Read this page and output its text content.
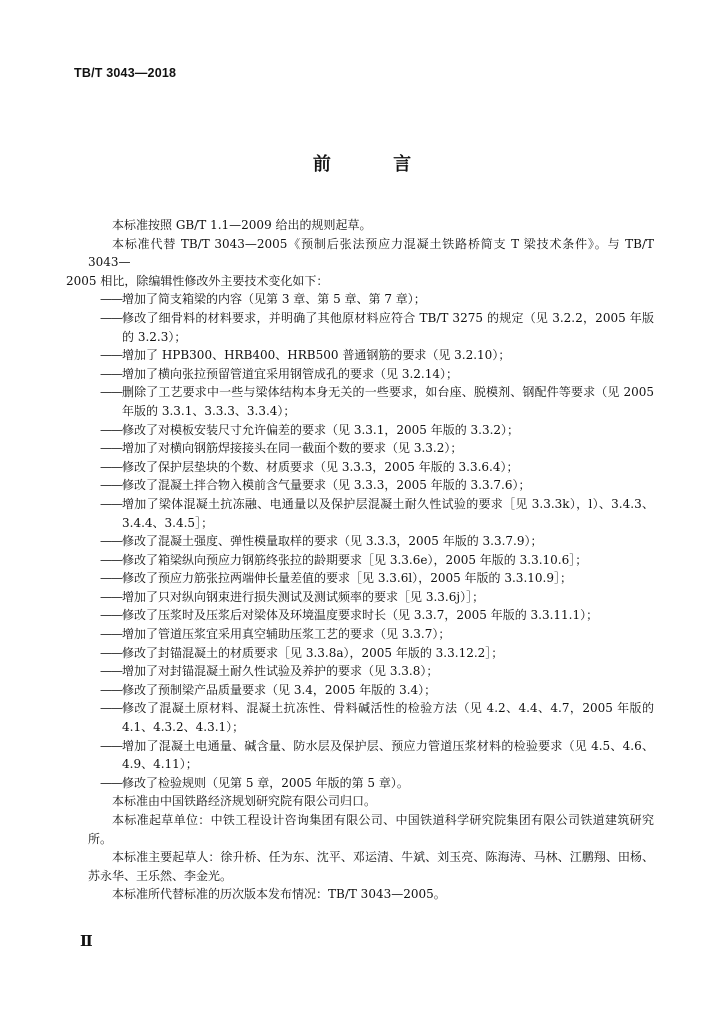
TB/T 3043—2018
前 言

本标准按照 GB/T 1.1—2009 给出的规则起草。

本标准代替 TB/T 3043—2005《预制后张法预应力混凝土铁路桥简支 T 梁技术条件》。与 TB/T 3043—

2005 相比，除编辑性修改外主要技术变化如下：

—— 增加了简支箱梁的内容（见第 3 章、第 5 章、第 7 章）；

—— 修改了细骨料的材料要求，并明确了其他原材料应符合 TB/T 3275 的规定（见 3.2.2，2005 年版的 3.2.3）；

—— 增加了 HPB300、HRB400、HRB500 普通钢筋的要求（见 3.2.10）；

—— 增加了横向张拉预留管道宜采用钢管成孔的要求（见 3.2.14）；

—— 删除了工艺要求中一些与梁体结构本身无关的一些要求，如台座、脱模剂、钢配件等要求（见 2005 年版的 3.3.1、3.3.3、3.3.4）；

—— 修改了对模板安装尺寸允许偏差的要求（见 3.3.1，2005 年版的 3.3.2）；

—— 增加了对横向钢筋焊接接头在同一截面个数的要求（见 3.3.2）；

—— 修改了保护层垫块的个数、材质要求（见 3.3.3，2005 年版的 3.3.6.4）；

—— 修改了混凝土拌合物入模前含气量要求（见 3.3.3，2005 年版的 3.3.7.6）；

—— 增加了梁体混凝土抗冻融、电通量以及保护层混凝土耐久性试验的要求［见 3.3.3k），l）、3.4.3、3.4.4、3.4.5］；

—— 修改了混凝土强度、弹性模量取样的要求（见 3.3.3，2005 年版的 3.3.7.9）；

—— 修改了箱梁纵向预应力钢筋终张拉的龄期要求［见 3.3.6e），2005 年版的 3.3.10.6］；

—— 修改了预应力筋张拉两端伸长量差值的要求［见 3.3.6l），2005 年版的 3.3.10.9］；

—— 增加了只对纵向钢束进行损失测试及测试频率的要求［见 3.3.6j）］；

—— 修改了压浆时及压浆后对梁体及环境温度要求时长（见 3.3.7，2005 年版的 3.3.11.1）；

—— 增加了管道压浆宜采用真空辅助压浆工艺的要求（见 3.3.7）；

—— 修改了封锚混凝土的材质要求［见 3.3.8a），2005 年版的 3.3.12.2］；

—— 增加了对封锚混凝土耐久性试验及养护的要求（见 3.3.8）；

—— 修改了预制梁产品质量要求（见 3.4，2005 年版的 3.4）；

—— 修改了混凝土原材料、混凝土抗冻性、骨料碱活性的检验方法（见 4.2、4.4、4.7，2005 年版的 4.1、4.3.2、4.3.1）；

—— 增加了混凝土电通量、碱含量、防水层及保护层、预应力管道压浆材料的检验要求（见 4.5、4.6、4.9、4.11）；

—— 修改了检验规则（见第 5 章，2005 年版的第 5 章）。

本标准由中国铁路经济规划研究院有限公司归口。

本标准起草单位：中铁工程设计咨询集团有限公司、中国铁道科学研究院集团有限公司铁道建筑研究所。

本标准主要起草人：徐升桥、任为东、沈平、邓运清、牛斌、刘玉亮、陈海涛、马林、江鹏翔、田杨、苏永华、王乐然、李金光。

本标准所代替标准的历次版本发布情况：TB/T 3043—2005。

Ⅱ
